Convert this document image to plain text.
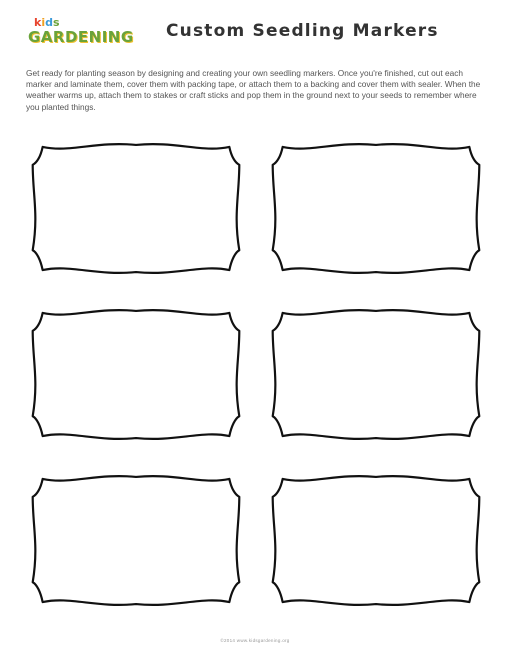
kids
GARDENING Custom Seedling Markers
Get ready for planting season by designing and creating your own seedling markers. Once you're finished, cut out each marker and laminate them, cover them with packing tape, or attach them to a backing and cover them with sealer. When the weather warms up, attach them to stakes or craft sticks and pop them in the ground next to your seeds to remember where you planted things.
©2014 www.kidsgardening.org
